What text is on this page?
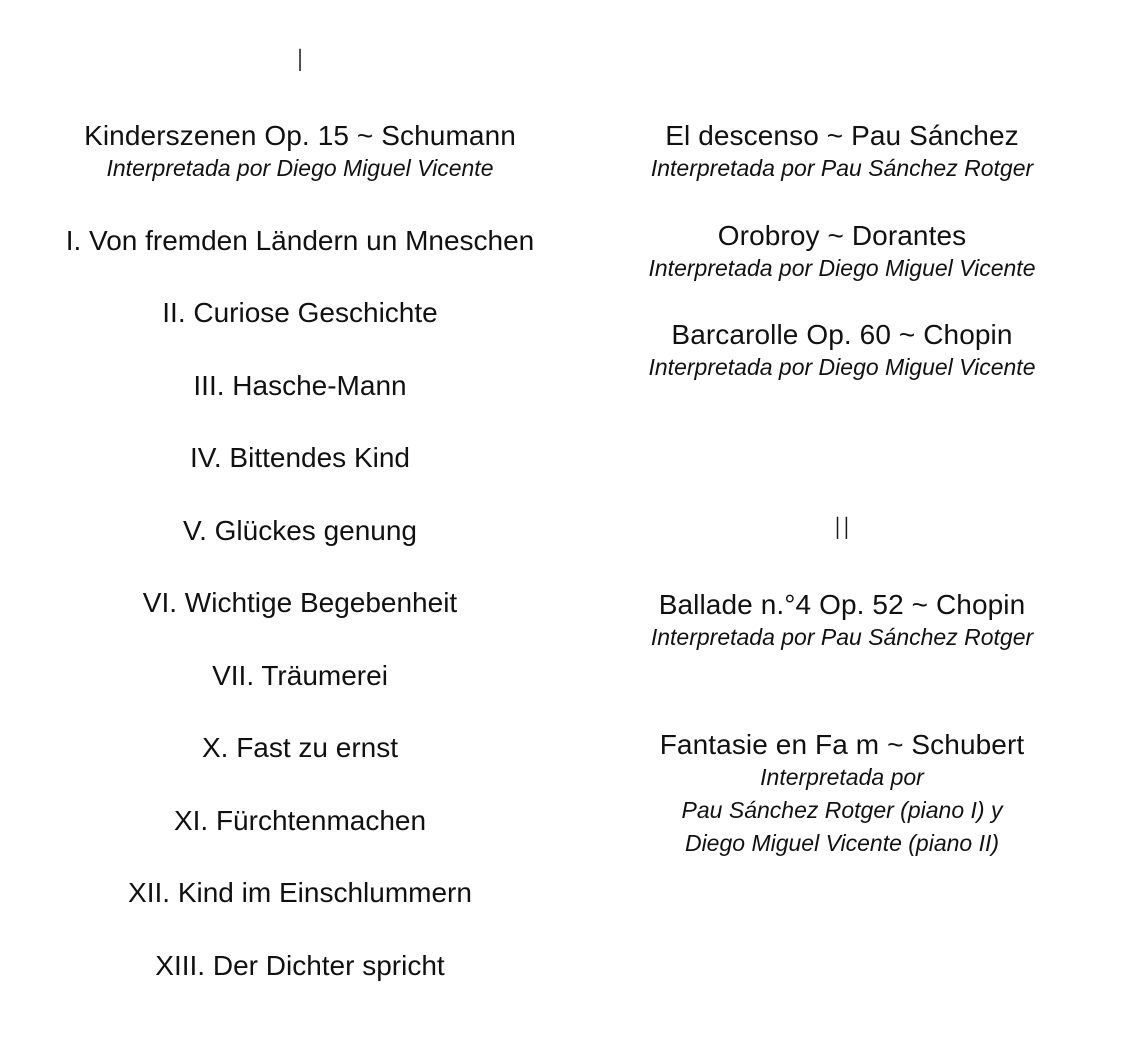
I
Kinderszenen Op. 15 ~ Schumann
Interpretada por Diego Miguel Vicente
I. Von fremden Ländern un Mneschen
II. Curiose Geschichte
III. Hasche-Mann
IV. Bittendes Kind
V. Glückes genung
VI. Wichtige Begebenheit
VII. Träumerei
X. Fast zu ernst
XI. Fürchtenmachen
XII. Kind im Einschlummern
XIII. Der Dichter spricht
El descenso ~ Pau Sánchez
Interpretada por Pau Sánchez Rotger
Orobroy ~ Dorantes
Interpretada por Diego Miguel Vicente
Barcarolle Op. 60 ~ Chopin
Interpretada por Diego Miguel Vicente
II
Ballade n.°4 Op. 52 ~ Chopin
Interpretada por Pau Sánchez Rotger
Fantasie en Fa m ~ Schubert
Interpretada por
Pau Sánchez Rotger (piano I) y
Diego Miguel Vicente (piano II)
